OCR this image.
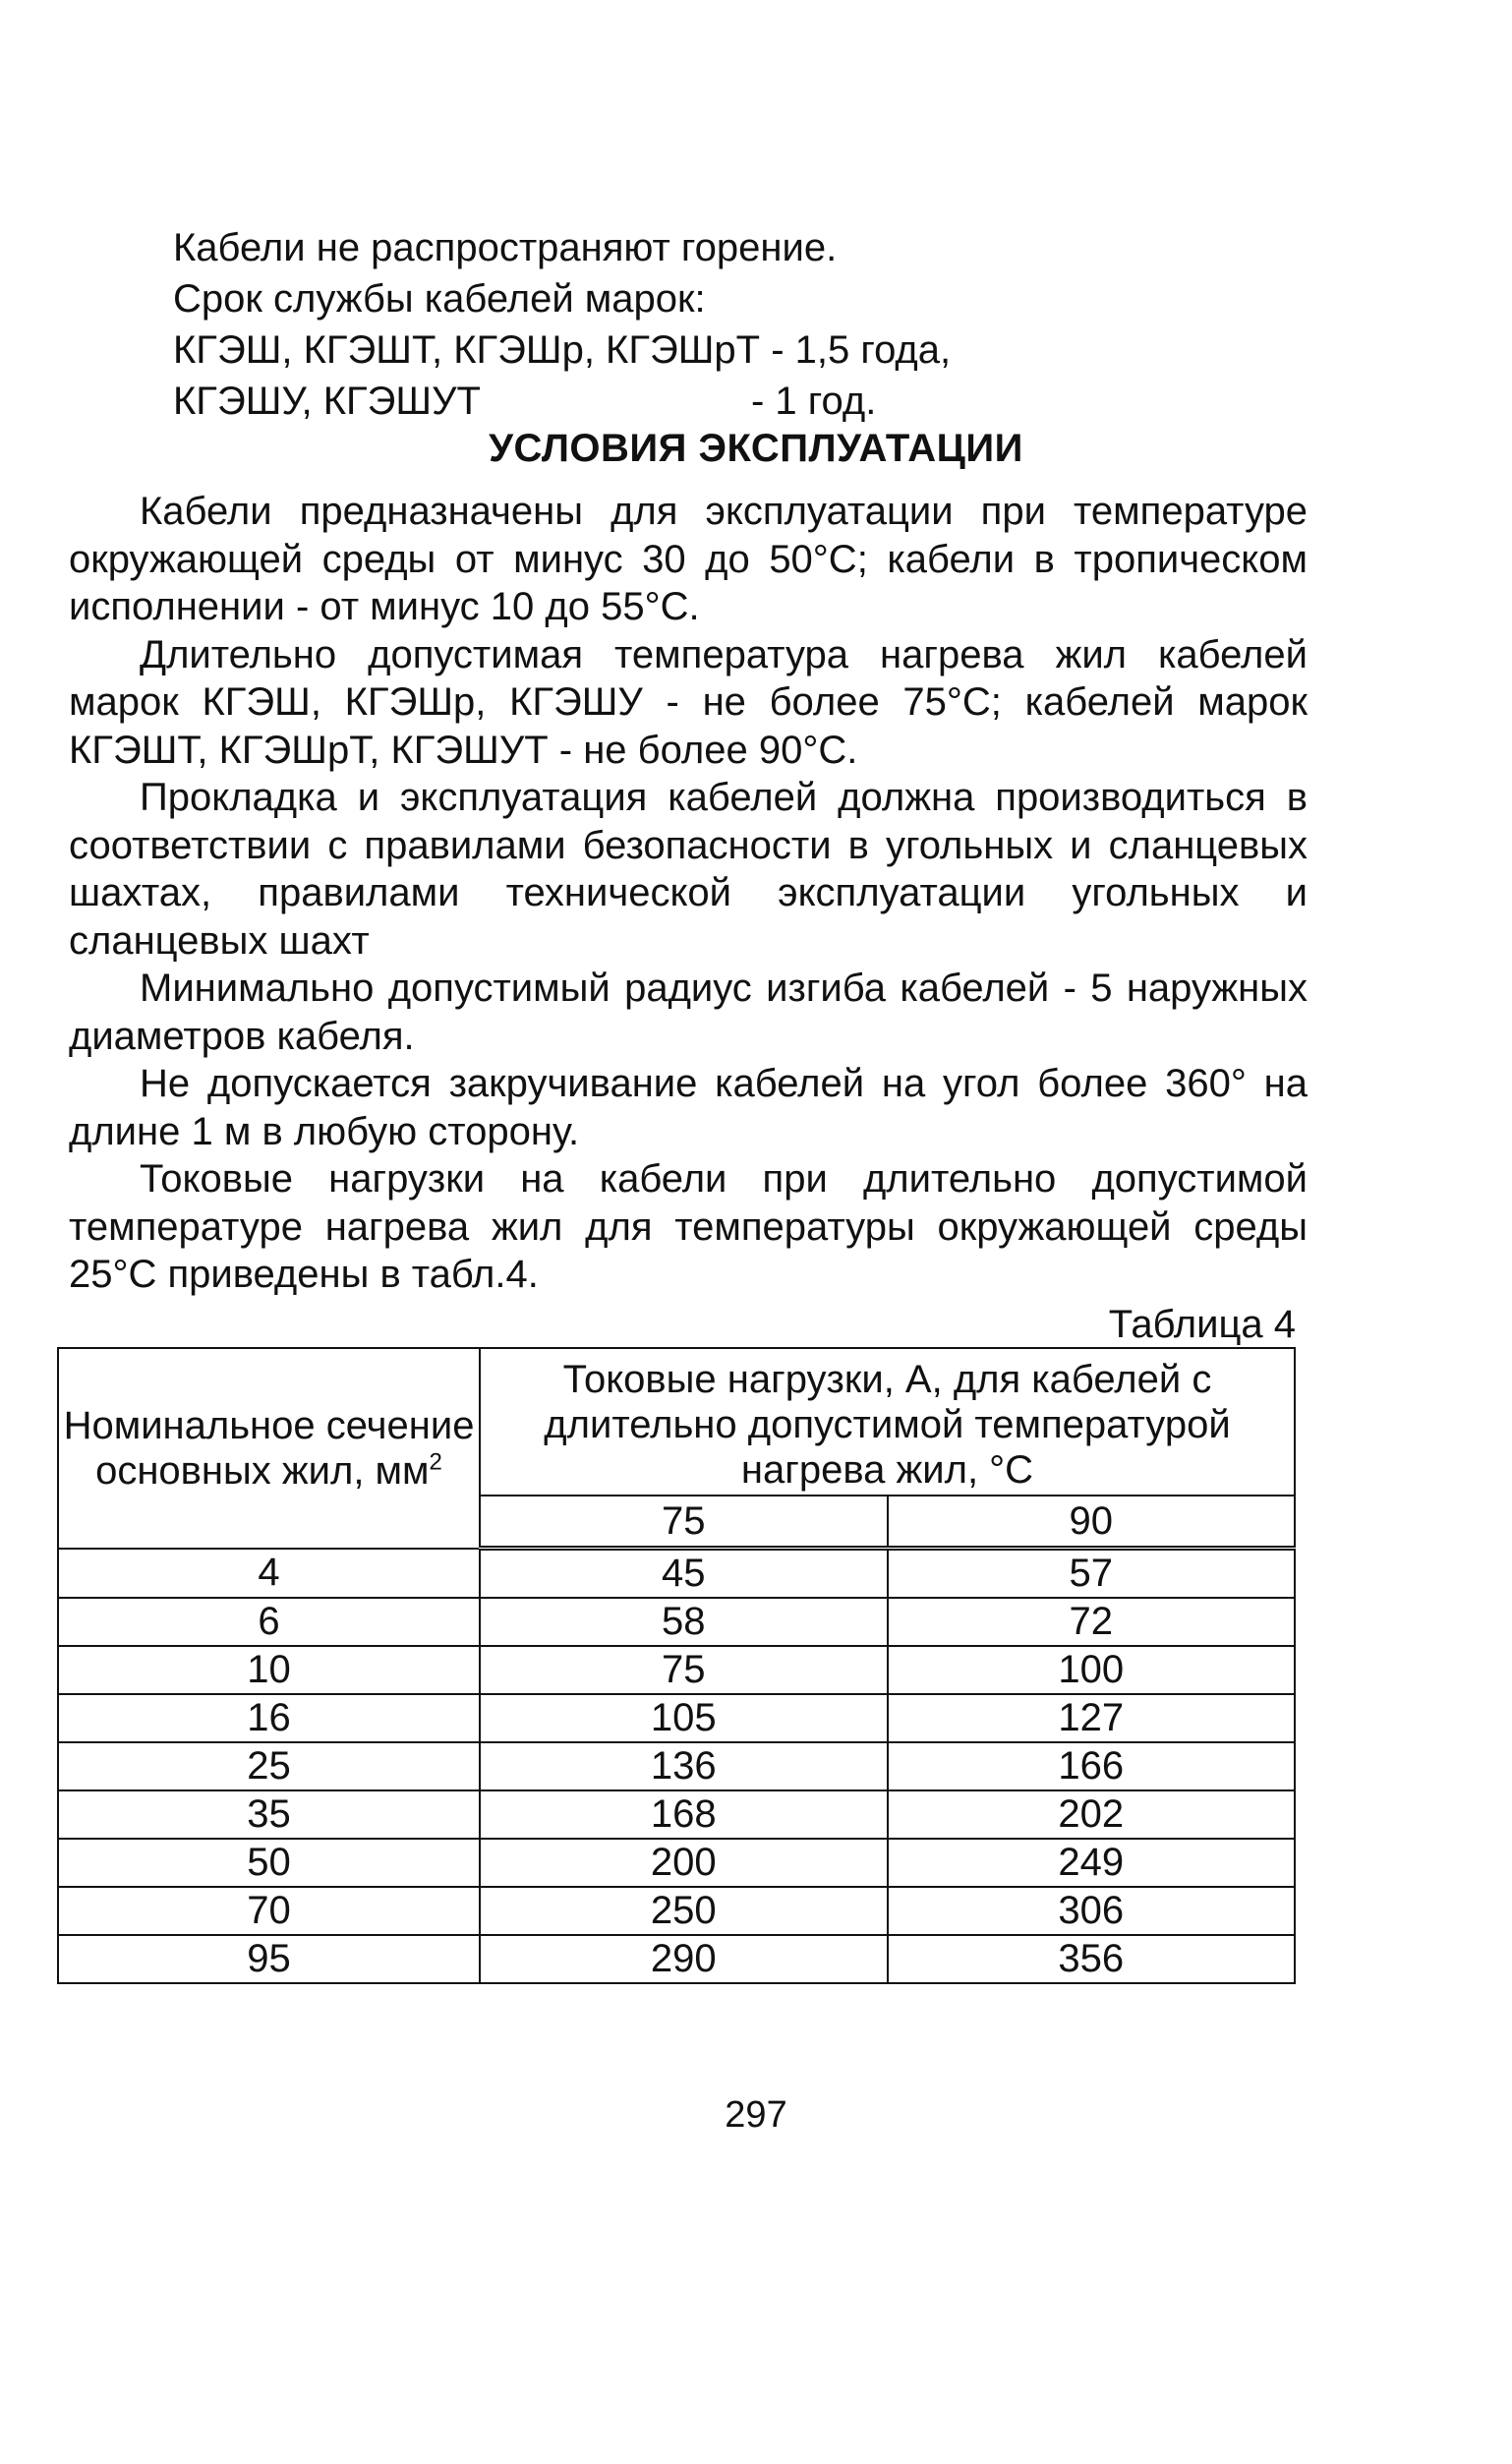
Кабели не распространяют горение.
Срок службы кабелей марок:
КГЭШ, КГЭШТ, КГЭШр, КГЭШрТ - 1,5 года,
КГЭШУ, КГЭШУТ	- 1 год.
УСЛОВИЯ ЭКСПЛУАТАЦИИ

Кабели предназначены для эксплуатации при температуре окружающей среды от минус 30 до 50°С; кабели в тропическом исполнении - от минус 10 до 55°С.

Длительно допустимая температура нагрева жил кабелей марок КГЭШ, КГЭШр, КГЭШУ - не более 75°С; кабелей марок КГЭШТ, КГЭШрТ, КГЭШУТ - не более 90°С.

Прокладка и эксплуатация кабелей должна производиться в соответствии с правилами безопасности в угольных и сланцевых шахтах, правилами технической эксплуатации угольных и сланцевых шахт

Минимально допустимый радиус изгиба кабелей - 5 наружных диаметров кабеля.

Не допускается закручивание кабелей на угол более 360° на длине 1 м в любую сторону.

Токовые нагрузки на кабели при длительно допустимой температуре нагрева жил для температуры окружающей среды 25°С приведены в табл.4.

Таблица 4
Номинальное сечение основных жил, $мм^2$	Токовые нагрузки, А, для кабелей с длительно допустимой температурой нагрева жил, °С	
	75	90
4	45	57
6	58	72
10	75	100
16	105	127
25	136	166
35	168	202
50	200	249
70	250	306
95	290	356
297
